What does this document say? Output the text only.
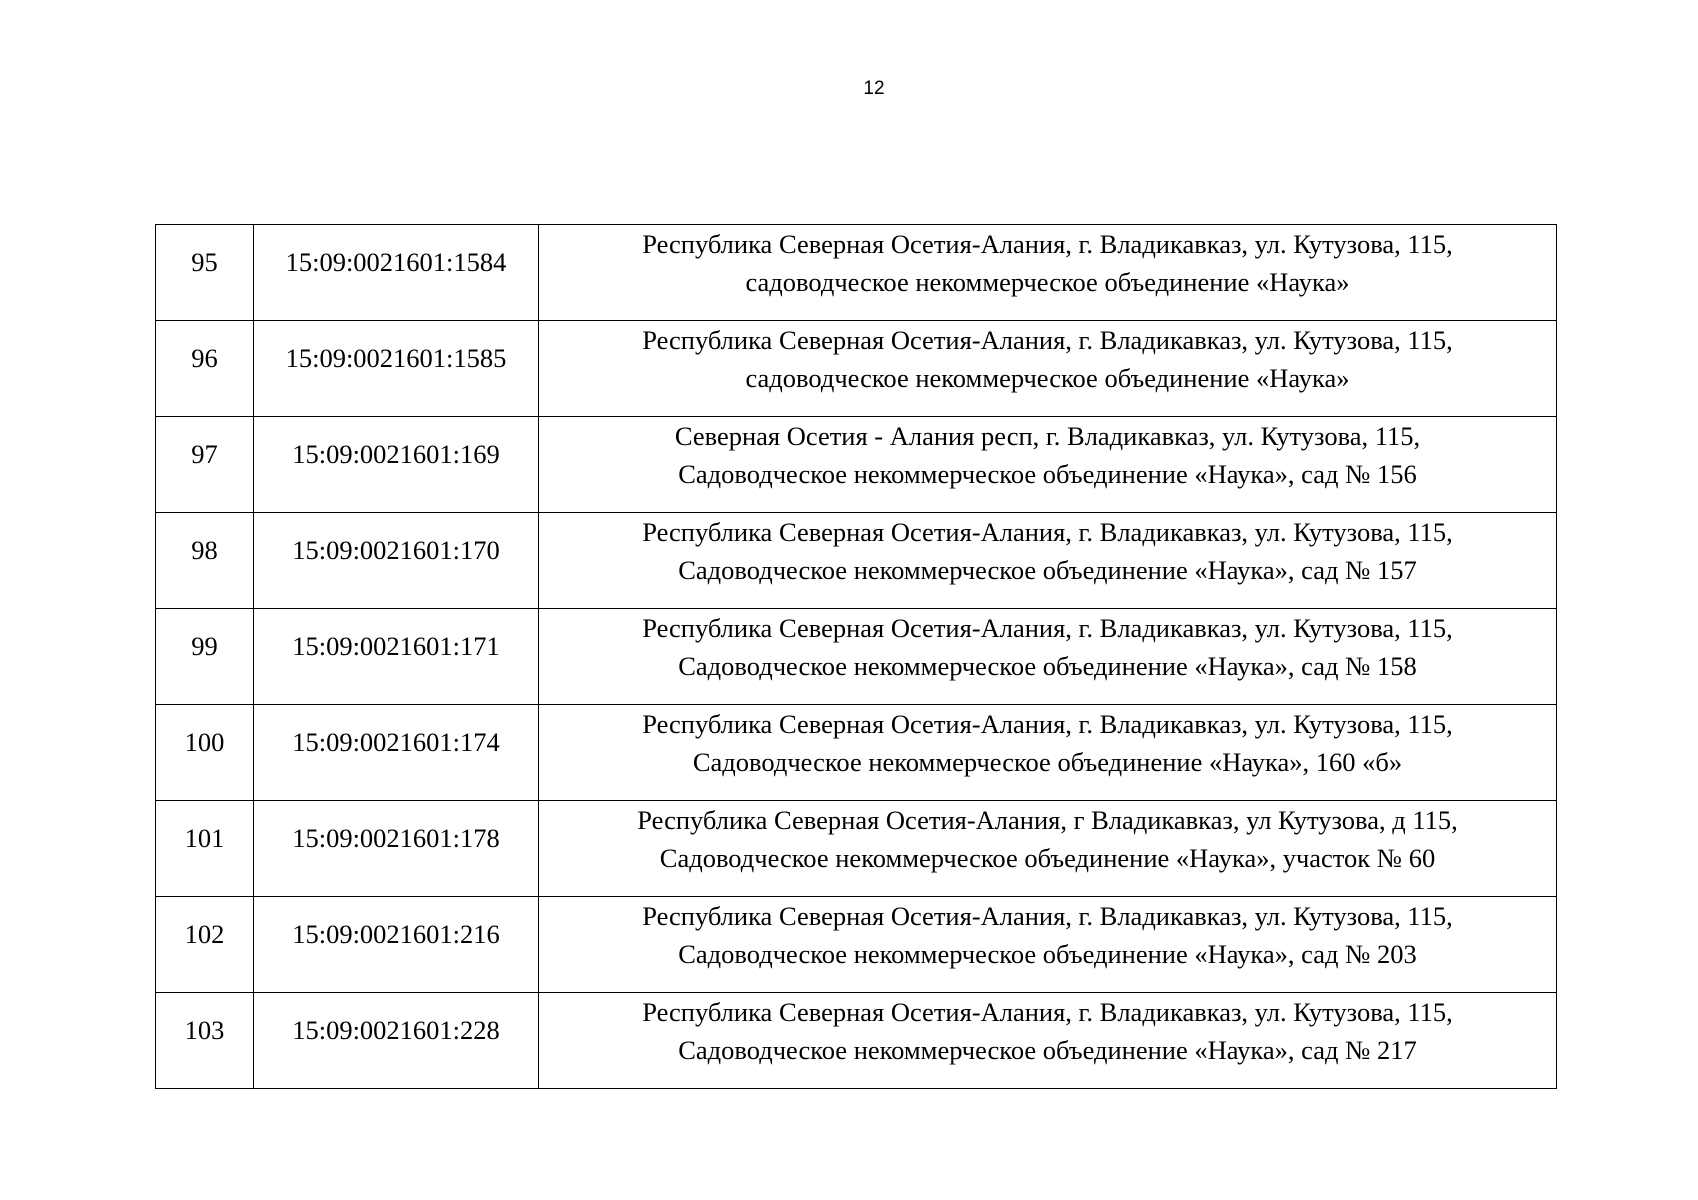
12
95	15:09:0021601:1584	Республика Северная Осетия-Алания, г. Владикавказ, ул. Кутузова, 115,
садоводческое некоммерческое объединение «Наука»

96	15:09:0021601:1585	Республика Северная Осетия-Алания, г. Владикавказ, ул. Кутузова, 115,
садоводческое некоммерческое объединение «Наука»

97	15:09:0021601:169	Северная Осетия - Алания респ, г. Владикавказ, ул. Кутузова, 115,
Садоводческое некоммерческое объединение «Наука», сад № 156

98	15:09:0021601:170	Республика Северная Осетия-Алания, г. Владикавказ, ул. Кутузова, 115,
Садоводческое некоммерческое объединение «Наука», сад № 157

99	15:09:0021601:171	Республика Северная Осетия-Алания, г. Владикавказ, ул. Кутузова, 115,
Садоводческое некоммерческое объединение «Наука», сад № 158

100	15:09:0021601:174	Республика Северная Осетия-Алания, г. Владикавказ, ул. Кутузова, 115,
Садоводческое некоммерческое объединение «Наука», 160 «б»

101	15:09:0021601:178	Республика Северная Осетия-Алания, г Владикавказ, ул Кутузова, д 115,
Садоводческое некоммерческое объединение «Наука», участок № 60

102	15:09:0021601:216	Республика Северная Осетия-Алания, г. Владикавказ, ул. Кутузова, 115,
Садоводческое некоммерческое объединение «Наука», сад № 203

103	15:09:0021601:228	Республика Северная Осетия-Алания, г. Владикавказ, ул. Кутузова, 115,
Садоводческое некоммерческое объединение «Наука», сад № 217
